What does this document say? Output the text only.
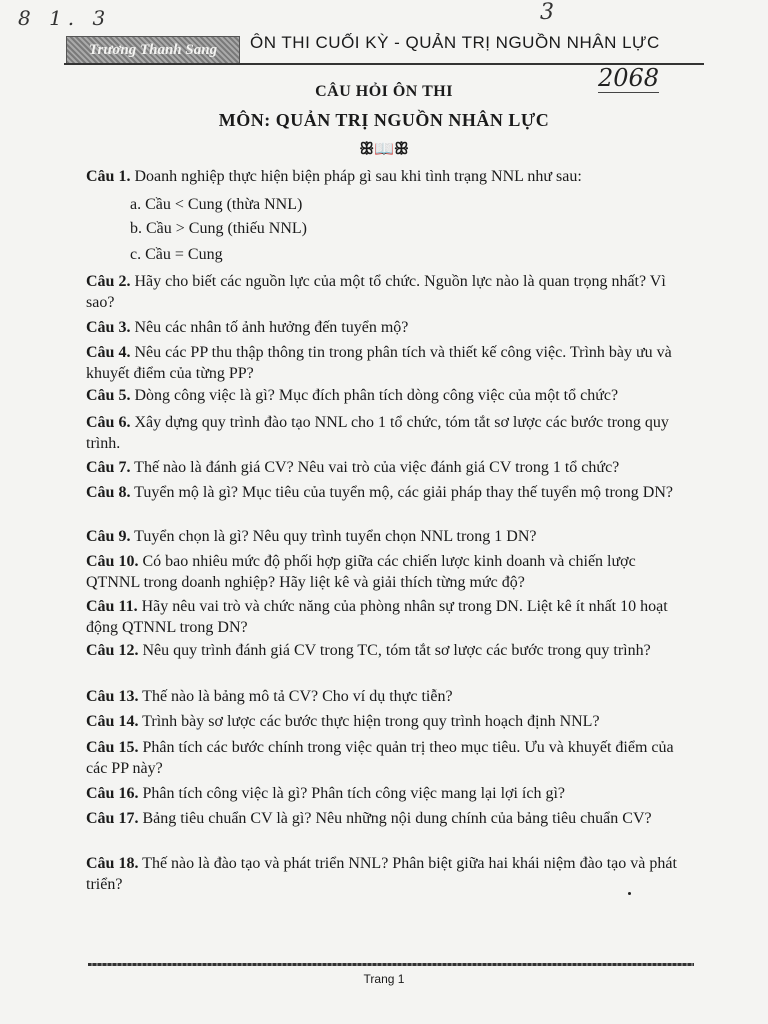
8 1. 3	3
Trương Thanh Sang	ÔN THI CUỐI KỲ - QUẢN TRỊ NGUỒN NHÂN LỰC
2068
CÂU HỎI ÔN THI
MÔN: QUẢN TRỊ NGUỒN NHÂN LỰC
ꕥ📖ꕥ
Câu 1. Doanh nghiệp thực hiện biện pháp gì sau khi tình trạng NNL như sau:
a. Cầu < Cung (thừa NNL)
b. Cầu > Cung (thiếu NNL)
c. Cầu = Cung
Câu 2. Hãy cho biết các nguồn lực của một tổ chức. Nguồn lực nào là quan trọng nhất? Vì sao?
Câu 3. Nêu các nhân tố ảnh hưởng đến tuyển mộ?
Câu 4. Nêu các PP thu thập thông tin trong phân tích và thiết kế công việc. Trình bày ưu và khuyết điểm của từng PP?
Câu 5. Dòng công việc là gì? Mục đích phân tích dòng công việc của một tổ chức?
Câu 6. Xây dựng quy trình đào tạo NNL cho 1 tổ chức, tóm tắt sơ lược các bước trong quy trình.
Câu 7. Thế nào là đánh giá CV? Nêu vai trò của việc đánh giá CV trong 1 tổ chức?
Câu 8. Tuyển mộ là gì? Mục tiêu của tuyển mộ, các giải pháp thay thế tuyển mộ trong DN?
Câu 9. Tuyển chọn là gì? Nêu quy trình tuyển chọn NNL trong 1 DN?
Câu 10. Có bao nhiêu mức độ phối hợp giữa các chiến lược kinh doanh và chiến lược QTNNL trong doanh nghiệp? Hãy liệt kê và giải thích từng mức độ?
Câu 11. Hãy nêu vai trò và chức năng của phòng nhân sự trong DN. Liệt kê ít nhất 10 hoạt động QTNNL trong DN?
Câu 12. Nêu quy trình đánh giá CV trong TC, tóm tắt sơ lược các bước trong quy trình?
Câu 13. Thế nào là bảng mô tả CV? Cho ví dụ thực tiễn?
Câu 14. Trình bày sơ lược các bước thực hiện trong quy trình hoạch định NNL?
Câu 15. Phân tích các bước chính trong việc quản trị theo mục tiêu. Ưu và khuyết điểm của các PP này?
Câu 16. Phân tích công việc là gì? Phân tích công việc mang lại lợi ích gì?
Câu 17. Bảng tiêu chuẩn CV là gì? Nêu những nội dung chính của bảng tiêu chuẩn CV?
Câu 18. Thế nào là đào tạo và phát triển NNL? Phân biệt giữa hai khái niệm đào tạo và phát triển?
Trang 1
